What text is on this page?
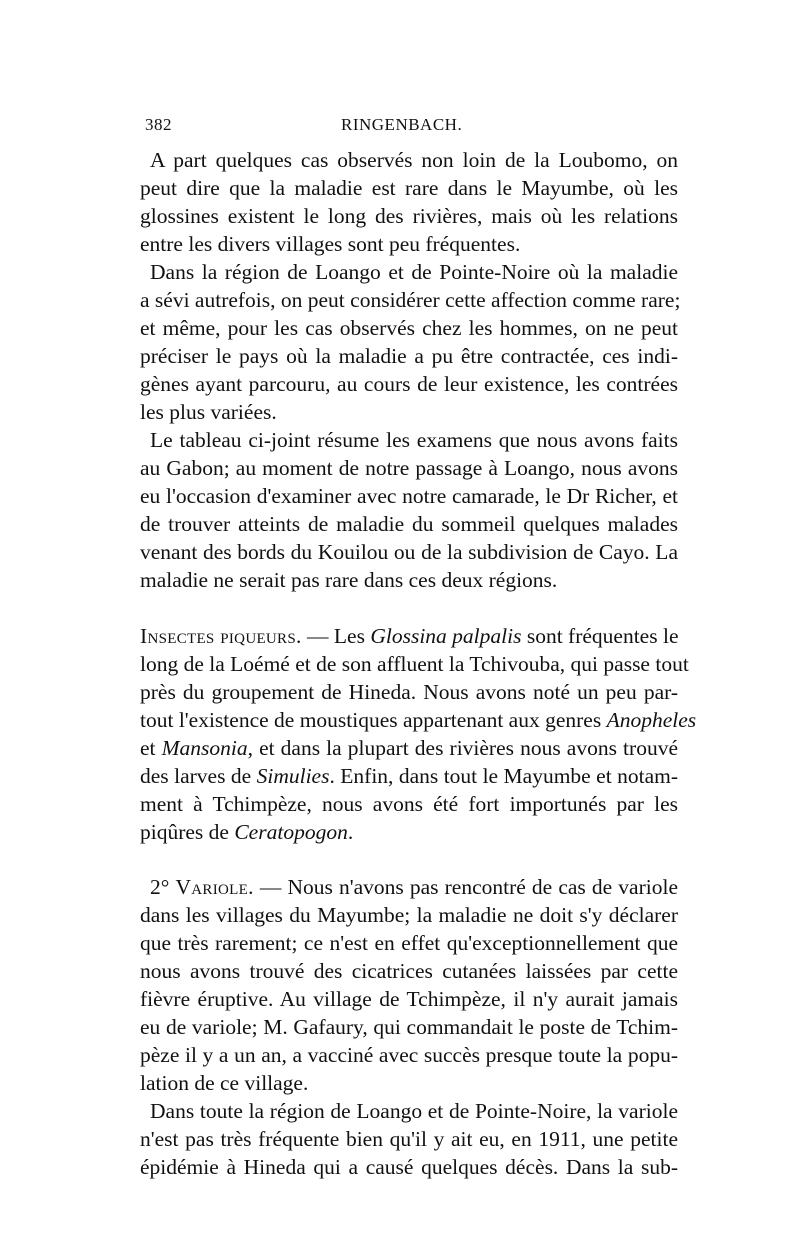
382	RINGENBACH.

A part quelques cas observés non loin de la Loubomo, on
peut dire que la maladie est rare dans le Mayumbe, où les
glossines existent le long des rivières, mais où les relations
entre les divers villages sont peu fréquentes.

Dans la région de Loango et de Pointe-Noire où la maladie
a sévi autrefois, on peut considérer cette affection comme rare;
et même, pour les cas observés chez les hommes, on ne peut
préciser le pays où la maladie a pu être contractée, ces indi-
gènes ayant parcouru, au cours de leur existence, les contrées
les plus variées.

Le tableau ci-joint résume les examens que nous avons faits
au Gabon; au moment de notre passage à Loango, nous avons
eu l'occasion d'examiner avec notre camarade, le Dr Richer, et
de trouver atteints de maladie du sommeil quelques malades
venant des bords du Kouilou ou de la subdivision de Cayo. La
maladie ne serait pas rare dans ces deux régions.

Insectes piqueurs. — Les Glossina palpalis sont fréquentes le
long de la Loémé et de son affluent la Tchivouba, qui passe tout
près du groupement de Hineda. Nous avons noté un peu par-
tout l'existence de moustiques appartenant aux genres Anopheles
et Mansonia, et dans la plupart des rivières nous avons trouvé
des larves de Simulies. Enfin, dans tout le Mayumbe et notam-
ment à Tchimpèze, nous avons été fort importunés par les
piqûres de Ceratopogon.

2° Variole. — Nous n'avons pas rencontré de cas de variole
dans les villages du Mayumbe; la maladie ne doit s'y déclarer
que très rarement; ce n'est en effet qu'exceptionnellement que
nous avons trouvé des cicatrices cutanées laissées par cette
fièvre éruptive. Au village de Tchimpèze, il n'y aurait jamais
eu de variole; M. Gafaury, qui commandait le poste de Tchim-
pèze il y a un an, a vacciné avec succès presque toute la popu-
lation de ce village.

Dans toute la région de Loango et de Pointe-Noire, la variole
n'est pas très fréquente bien qu'il y ait eu, en 1911, une petite
épidémie à Hineda qui a causé quelques décès. Dans la sub-
